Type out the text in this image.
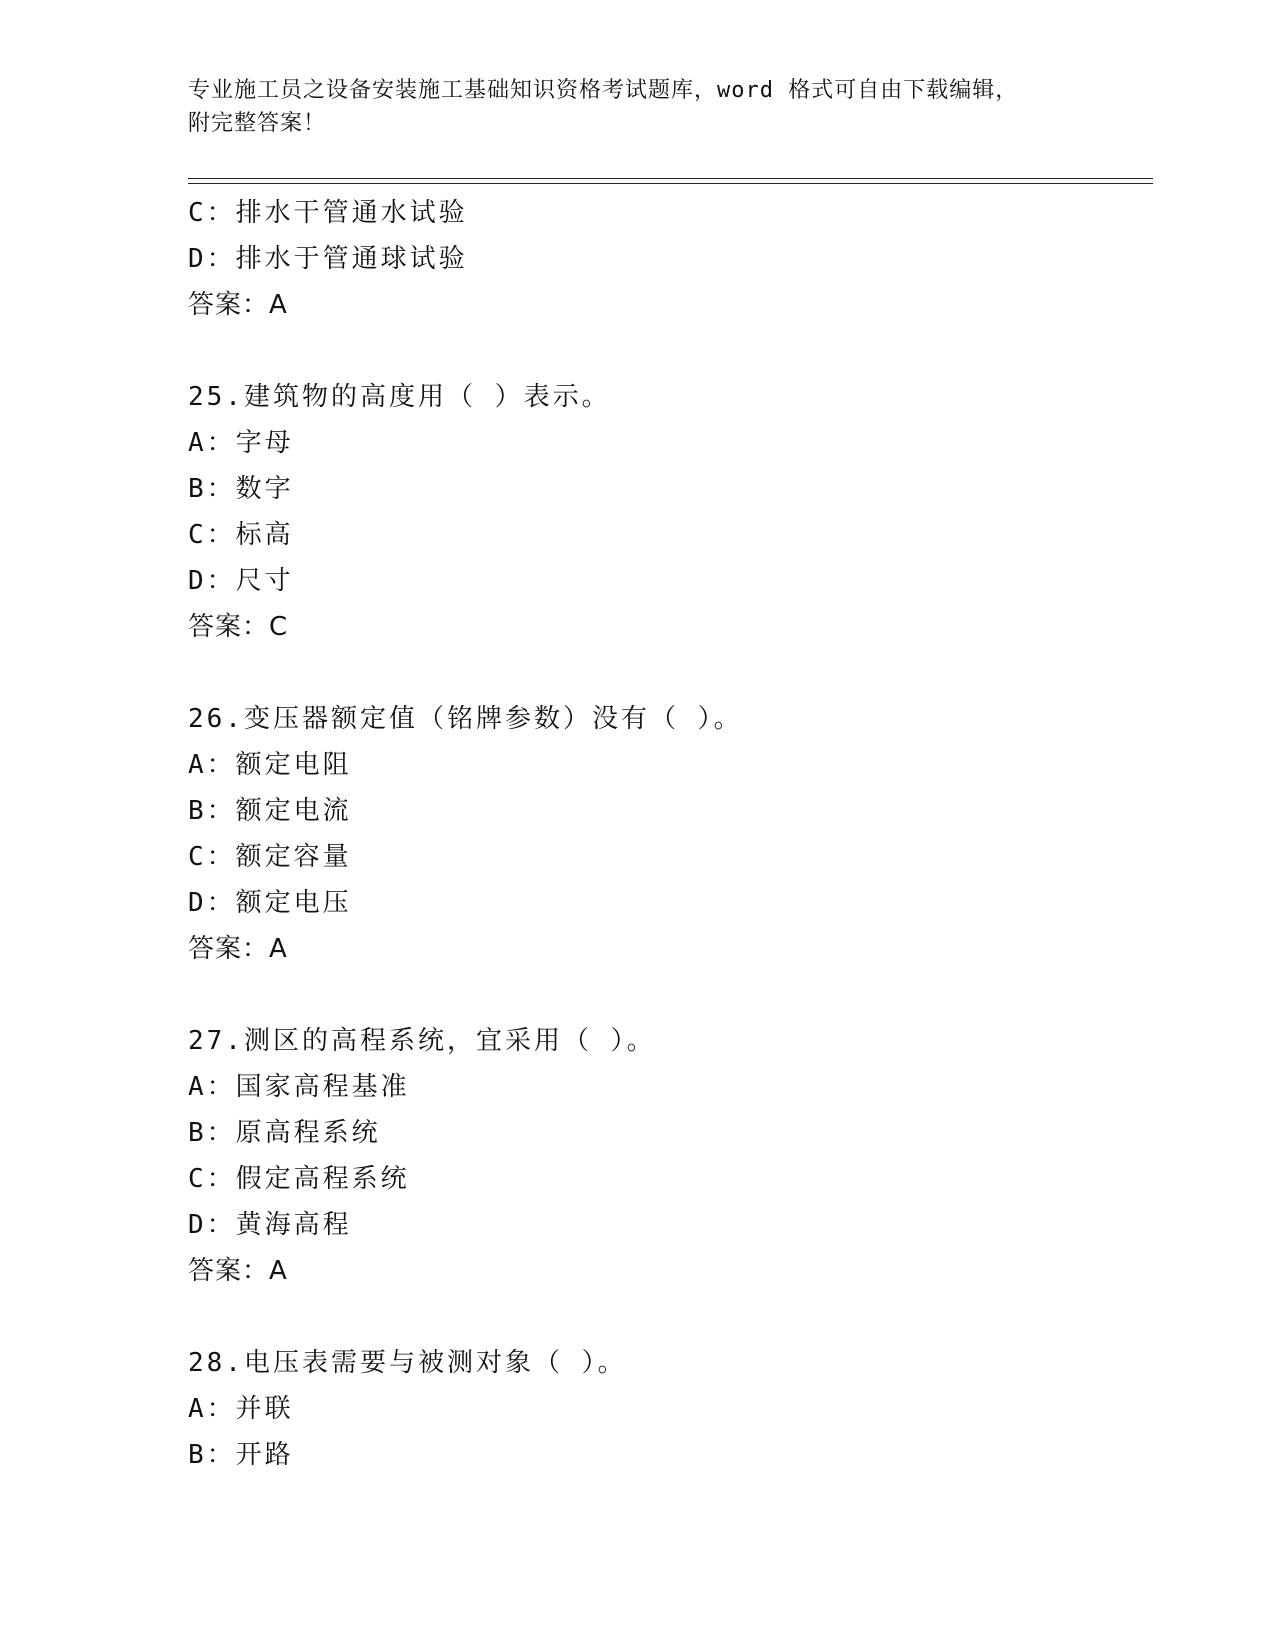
专业施工员之设备安装施工基础知识资格考试题库，word 格式可自由下载编辑，
附完整答案！
C：排水干管通水试验
D：排水于管通球试验
答案：A
25.建筑物的高度用（ ）表示。
A：字母
B：数字
C：标高
D：尺寸
答案：C
26.变压器额定值（铭牌参数）没有（ ）。
A：额定电阻
B：额定电流
C：额定容量
D：额定电压
答案：A
27.测区的高程系统，宜采用（ ）。
A：国家高程基准
B：原高程系统
C：假定高程系统
D：黄海高程
答案：A
28.电压表需要与被测对象（ ）。
A：并联
B：开路
